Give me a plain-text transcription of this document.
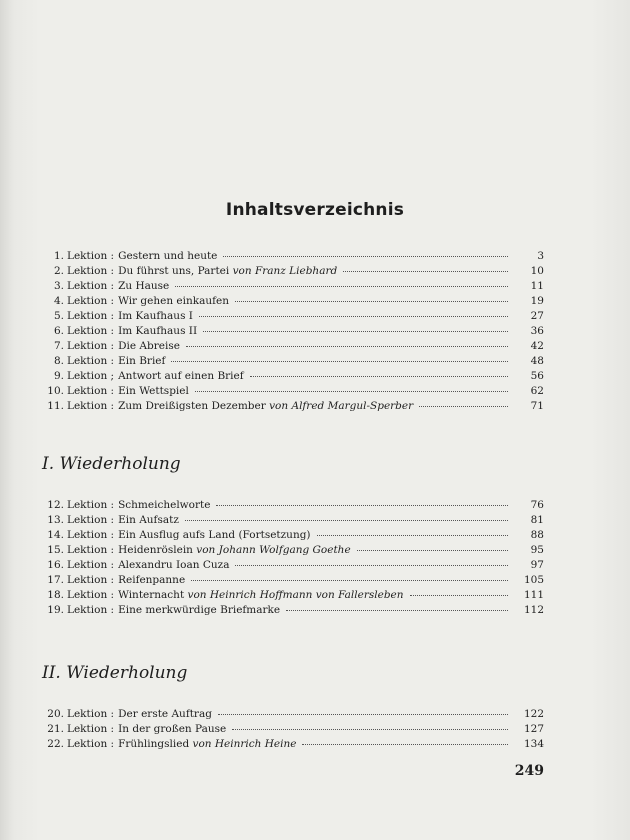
Inhaltsverzeichnis
1. Lektion : Gestern und heute	3
2. Lektion : Du führst uns, Partei von Franz Liebhard	10
3. Lektion : Zu Hause	11
4. Lektion : Wir gehen einkaufen	19
5. Lektion : Im Kaufhaus I	27
6. Lektion : Im Kaufhaus II	36
7. Lektion : Die Abreise	42
8. Lektion : Ein Brief	48
9. Lektion ; Antwort auf einen Brief	56
10. Lektion : Ein Wettspiel	62
11. Lektion : Zum Dreißigsten Dezember von Alfred Margul-Sperber	71
I. Wiederholung
12. Lektion : Schmeichelworte	76
13. Lektion : Ein Aufsatz	81
14. Lektion : Ein Ausflug aufs Land (Fortsetzung)	88
15. Lektion : Heidenröslein von Johann Wolfgang Goethe	95
16. Lektion : Alexandru Ioan Cuza	97
17. Lektion : Reifenpanne	105
18. Lektion : Winternacht von Heinrich Hoffmann von Fallersleben	111
19. Lektion : Eine merkwürdige Briefmarke	112
II. Wiederholung
20. Lektion : Der erste Auftrag	122
21. Lektion : In der großen Pause	127
22. Lektion : Frühlingslied von Heinrich Heine	134
249
